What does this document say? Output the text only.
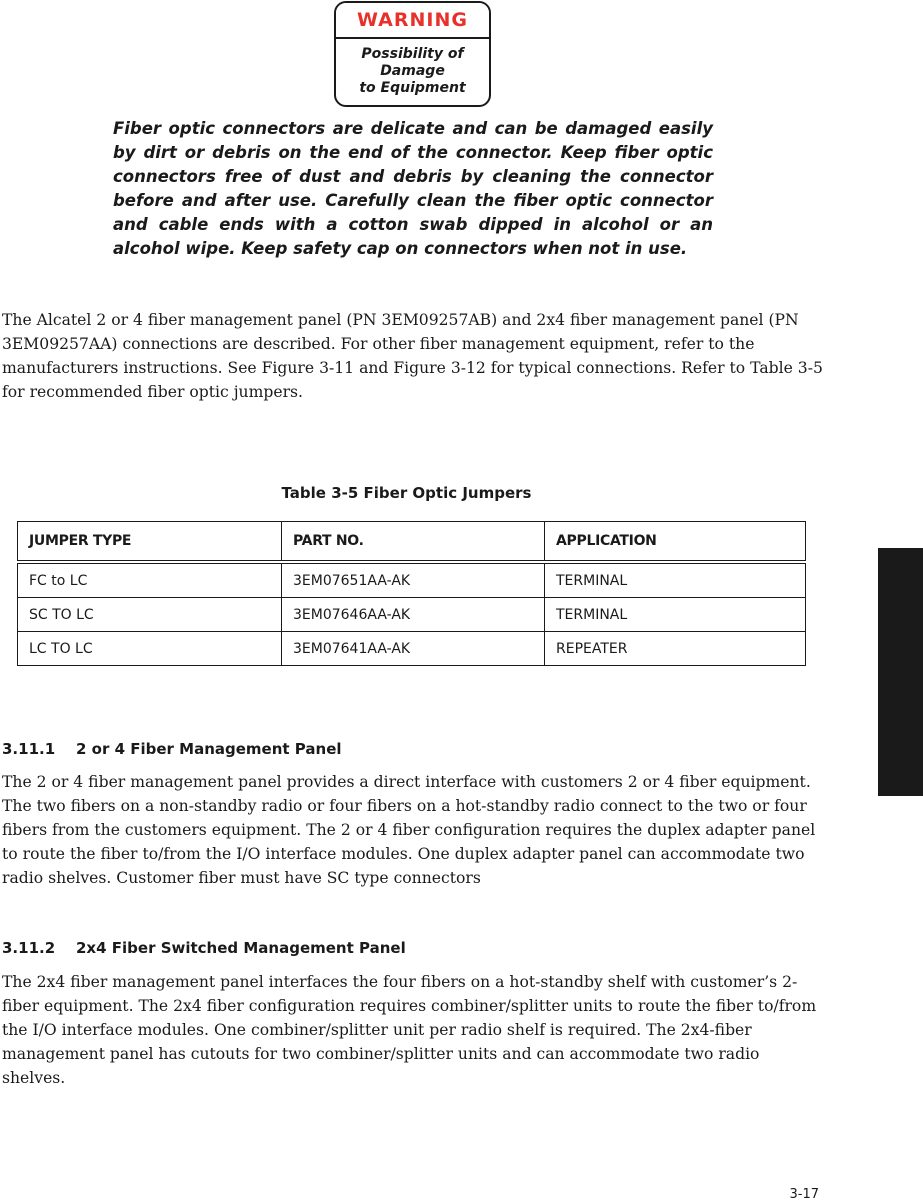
WARNING
Possibility of
Damage
to Equipment

Fiber optic connectors are delicate and can be damaged easily by dirt or debris on the end of the connector. Keep fiber optic connectors free of dust and debris by cleaning the connector before and after use. Carefully clean the fiber optic connector and cable ends with a cotton swab dipped in alcohol or an alcohol wipe. Keep safety cap on connectors when not in use.

The Alcatel 2 or 4 fiber management panel (PN 3EM09257AB) and 2x4 fiber management panel (PN 3EM09257AA) connections are described. For other fiber management equipment, refer to the manufacturers instructions. See Figure 3-11 and Figure 3-12 for typical connections. Refer to Table 3-5 for recommended fiber optic jumpers.

Table 3-5 Fiber Optic Jumpers

JUMPER TYPE	PART NO.	APPLICATION
FC to LC	3EM07651AA-AK	TERMINAL
SC TO LC	3EM07646AA-AK	TERMINAL
LC TO LC	3EM07641AA-AK	REPEATER
3.11.1 2 or 4 Fiber Management Panel

The 2 or 4 fiber management panel provides a direct interface with customers 2 or 4 fiber equipment. The two fibers on a non-standby radio or four fibers on a hot-standby radio connect to the two or four fibers from the customers equipment. The 2 or 4 fiber configuration requires the duplex adapter panel to route the fiber to/from the I/O interface modules. One duplex adapter panel can accommodate two radio shelves. Customer fiber must have SC type connectors

3.11.2 2x4 Fiber Switched Management Panel

The 2x4 fiber management panel interfaces the four fibers on a hot-standby shelf with customer’s 2-fiber equipment. The 2x4 fiber configuration requires combiner/splitter units to route the fiber to/from the I/O interface modules. One combiner/splitter unit per radio shelf is required. The 2x4-fiber management panel has cutouts for two combiner/splitter units and can accommodate two radio shelves.

3-17
